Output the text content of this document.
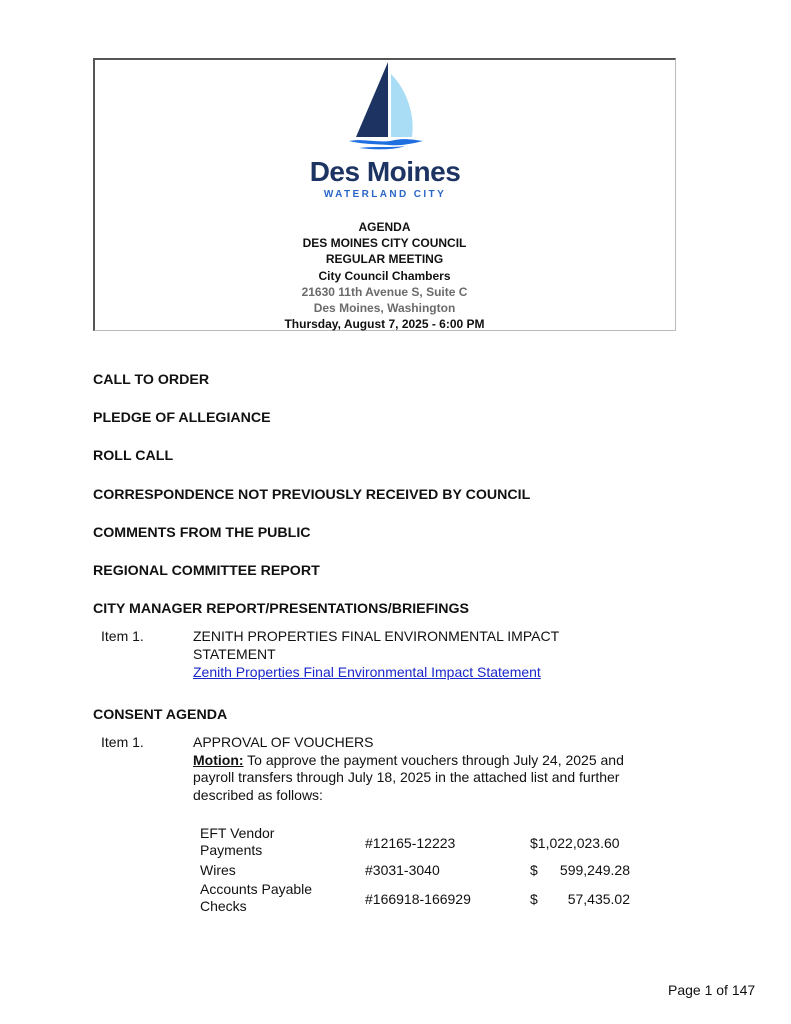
Des Moines
WATERLAND CITY
AGENDA
DES MOINES CITY COUNCIL
REGULAR MEETING
City Council Chambers
21630 11th Avenue S, Suite C
Des Moines, Washington
Thursday, August 7, 2025 - 6:00 PM
CALL TO ORDER
PLEDGE OF ALLEGIANCE
ROLL CALL
CORRESPONDENCE NOT PREVIOUSLY RECEIVED BY COUNCIL
COMMENTS FROM THE PUBLIC
REGIONAL COMMITTEE REPORT
CITY MANAGER REPORT/PRESENTATIONS/BRIEFINGS
Item 1.	ZENITH PROPERTIES FINAL ENVIRONMENTAL IMPACT
STATEMENT
Zenith Properties Final Environmental Impact Statement
CONSENT AGENDA
Item 1.	APPROVAL OF VOUCHERS
Motion: To approve the payment vouchers through July 24, 2025 and
payroll transfers through July 18, 2025 in the attached list and further
described as follows:
EFT Vendor
Payments	#12165-12223	$1,022,023.60
Wires	#3031-3040	$	599,249.28
Accounts Payable
Checks	#166918-166929	$	57,435.02
Page 1 of 147
